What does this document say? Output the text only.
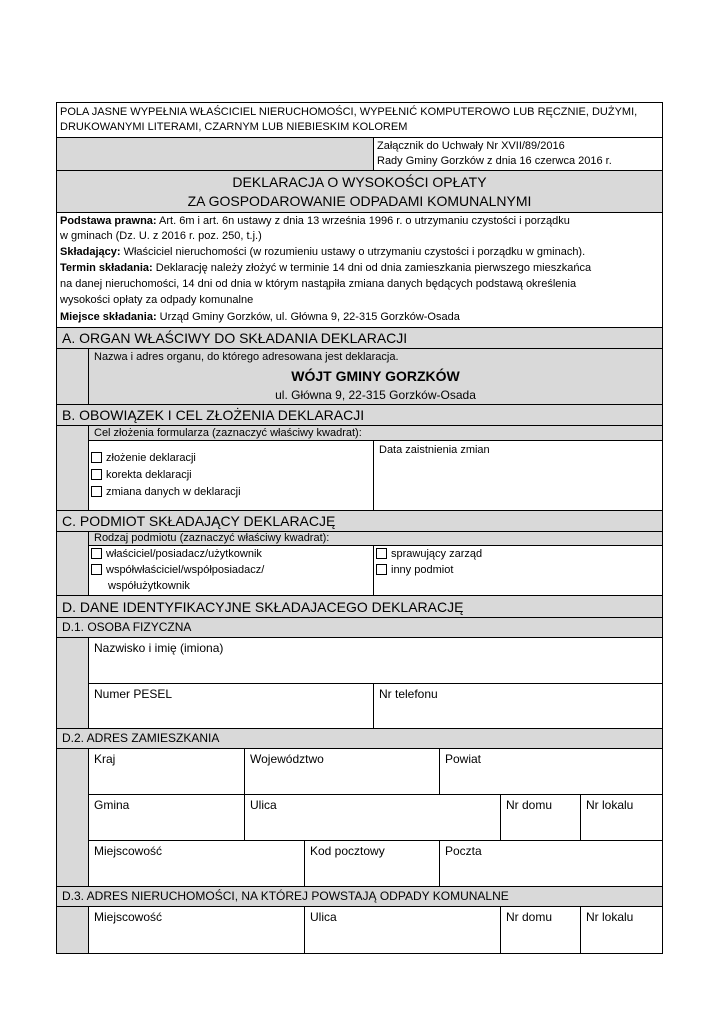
POLA JASNE WYPEŁNIA WŁAŚCICIEL NIERUCHOMOŚCI, WYPEŁNIĆ KOMPUTEROWO LUB RĘCZNIE, DUŻYMI,
DRUKOWANYMI LITERAMI, CZARNYM LUB NIEBIESKIM KOLOREM
Załącznik do Uchwały Nr XVII/89/2016
Rady Gminy Gorzków z dnia 16 czerwca 2016 r.
DEKLARACJA O WYSOKOŚCI OPŁATY
ZA GOSPODAROWANIE ODPADAMI KOMUNALNYMI
Podstawa prawna: Art. 6m i art. 6n ustawy z dnia 13 września 1996 r. o utrzymaniu czystości i porządku
w gminach (Dz. U. z 2016 r. poz. 250, t.j.)
Składający: Właściciel nieruchomości (w rozumieniu ustawy o utrzymaniu czystości i porządku w gminach).
Termin składania: Deklarację należy złożyć w terminie 14 dni od dnia zamieszkania pierwszego mieszkańca
na danej nieruchomości, 14 dni od dnia w którym nastąpiła zmiana danych będących podstawą określenia
wysokości opłaty za odpady komunalne
Miejsce składania: Urząd Gminy Gorzków, ul. Główna 9, 22-315 Gorzków-Osada
A. ORGAN WŁAŚCIWY DO SKŁADANIA DEKLARACJI
Nazwa i adres organu, do którego adresowana jest deklaracja.
WÓJT GMINY GORZKÓW
ul. Główna 9, 22-315 Gorzków-Osada
B. OBOWIĄZEK I CEL ZŁOŻENIA DEKLARACJI
Cel złożenia formularza (zaznaczyć właściwy kwadrat):
złożenie deklaracji
korekta deklaracji
zmiana danych w deklaracji
Data zaistnienia zmian
C. PODMIOT SKŁADAJĄCY DEKLARACJĘ
Rodzaj podmiotu (zaznaczyć właściwy kwadrat):
właściciel/posiadacz/użytkownik
współwłaściciel/współposiadacz/
współużytkownik
sprawujący zarząd
inny podmiot
D. DANE IDENTYFIKACYJNE SKŁADAJACEGO DEKLARACJĘ
D.1. OSOBA FIZYCZNA
Nazwisko i imię (imiona)
Numer PESEL	Nr telefonu
D.2. ADRES ZAMIESZKANIA
Kraj	Województwo	Powiat
Gmina	Ulica	Nr domu	Nr lokalu
Miejscowość	Kod pocztowy	Poczta
D.3. ADRES NIERUCHOMOŚCI, NA KTÓREJ POWSTAJĄ ODPADY KOMUNALNE
Miejscowość	Ulica	Nr domu	Nr lokalu
